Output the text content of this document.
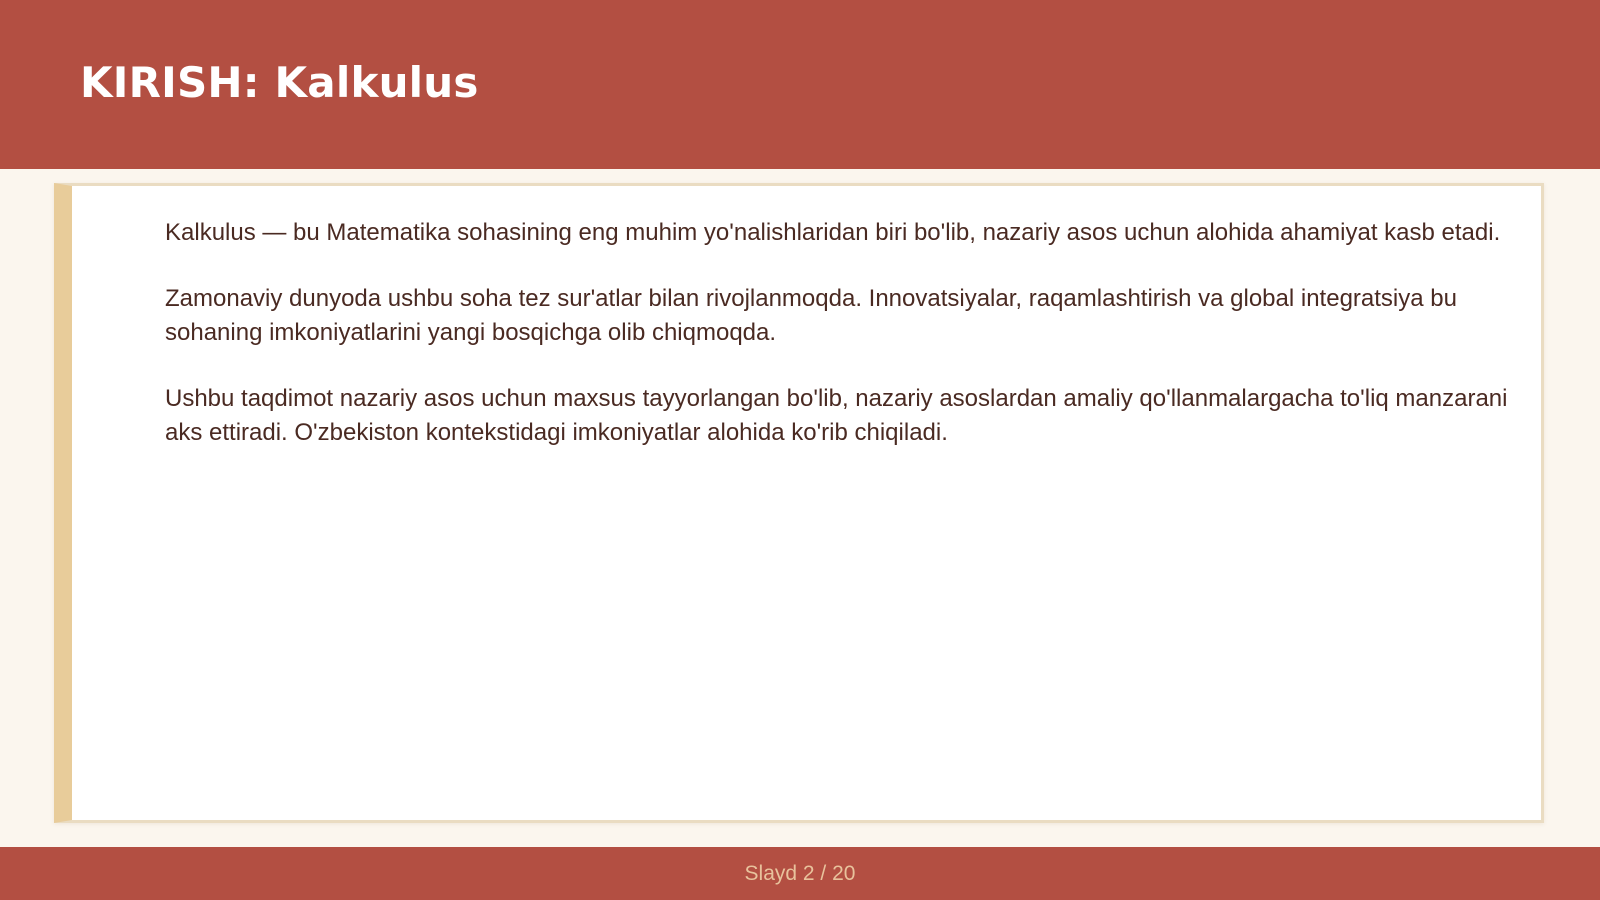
KIRISH: Kalkulus

Kalkulus — bu Matematika sohasining eng muhim yo'nalishlaridan biri bo'lib, nazariy asos uchun alohida ahamiyat kasb etadi.

Zamonaviy dunyoda ushbu soha tez sur'atlar bilan rivojlanmoqda. Innovatsiyalar, raqamlashtirish va global integratsiya bu sohaning imkoniyatlarini yangi bosqichga olib chiqmoqda.

Ushbu taqdimot nazariy asos uchun maxsus tayyorlangan bo'lib, nazariy asoslardan amaliy qo'llanmalargacha to'liq manzarani aks ettiradi. O'zbekiston kontekstidagi imkoniyatlar alohida ko'rib chiqiladi.

Slayd 2 / 20
